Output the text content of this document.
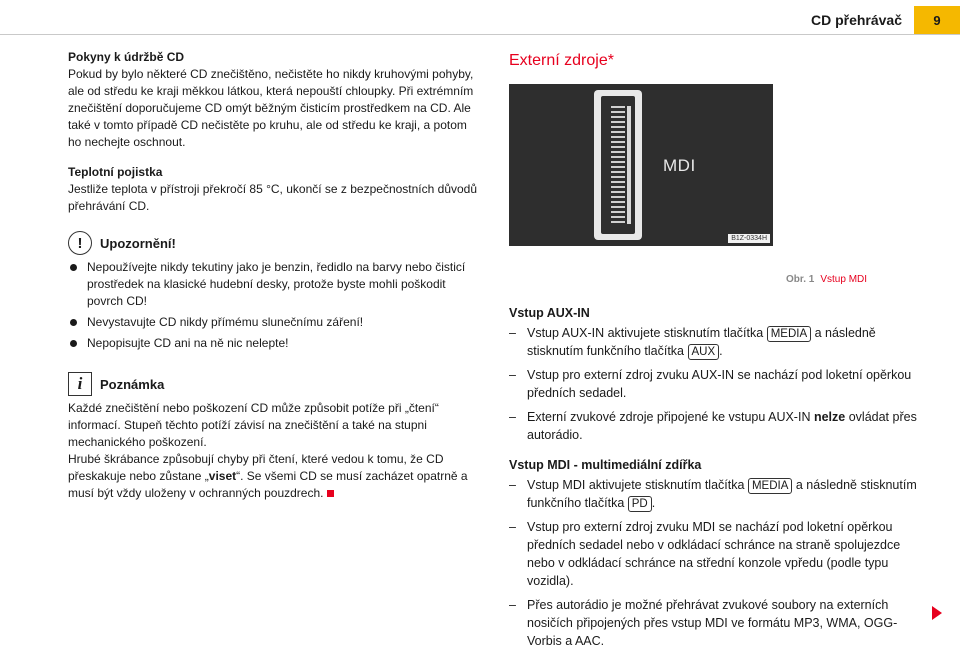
CD přehrávač	9
Pokyny k údržbě CD
Pokud by bylo některé CD znečištěno, nečistěte ho nikdy kruhovými pohyby, ale od středu ke kraji měkkou látkou, která nepouští chloupky. Při extrémním znečištění doporučujeme CD omýt běžným čisticím prostředkem na CD. Ale také v tomto případě CD nečistěte po kruhu, ale od středu ke kraji, a potom ho nechejte oschnout.
Teplotní pojistka
Jestliže teplota v přístroji překročí 85 °C, ukončí se z bezpečnostních důvodů přehrávání CD.
!	Upozornění!
Nepoužívejte nikdy tekutiny jako je benzin, ředidlo na barvy nebo čisticí prostředek na klasické hudební desky, protože byste mohli poškodit povrch CD!
Nevystavujte CD nikdy přímému slunečnímu záření!
Nepopisujte CD ani na ně nic nelepte!
i	Poznámka
Každé znečištění nebo poškození CD může způsobit potíže při „čtení“ informací. Stupeň těchto potíží závisí na znečištění a také na stupni mechanického poškození.
Hrubé škrábance způsobují chyby při čtení, které vedou k tomu, že CD přeskakuje nebo zůstane „viset“. Se všemi CD se musí zacházet opatrně a musí být vždy uloženy v ochranných pouzdrech.
Externí zdroje*
MDI
B1Z-0334H
Obr. 1 Vstup MDI
Vstup AUX-IN
– Vstup AUX-IN aktivujete stisknutím tlačítka MEDIA a následně stisknutím funkčního tlačítka AUX .
– Vstup pro externí zdroj zvuku AUX-IN se nachází pod loketní opěrkou předních sedadel.
– Externí zvukové zdroje připojené ke vstupu AUX-IN nelze ovládat přes autorádio.
Vstup MDI - multimediální zdířka
– Vstup MDI aktivujete stisknutím tlačítka MEDIA a následně stisknutím funkčního tlačítka PD .
– Vstup pro externí zdroj zvuku MDI se nachází pod loketní opěrkou předních sedadel nebo v odkládací schránce na straně spolujezdce nebo v odkládací schránce na střední konzole vpředu (podle typu vozidla).
– Přes autorádio je možné přehrávat zvukové soubory na externích nosičích připojených přes vstup MDI ve formátu MP3, WMA, OGG-Vorbis a AAC.
